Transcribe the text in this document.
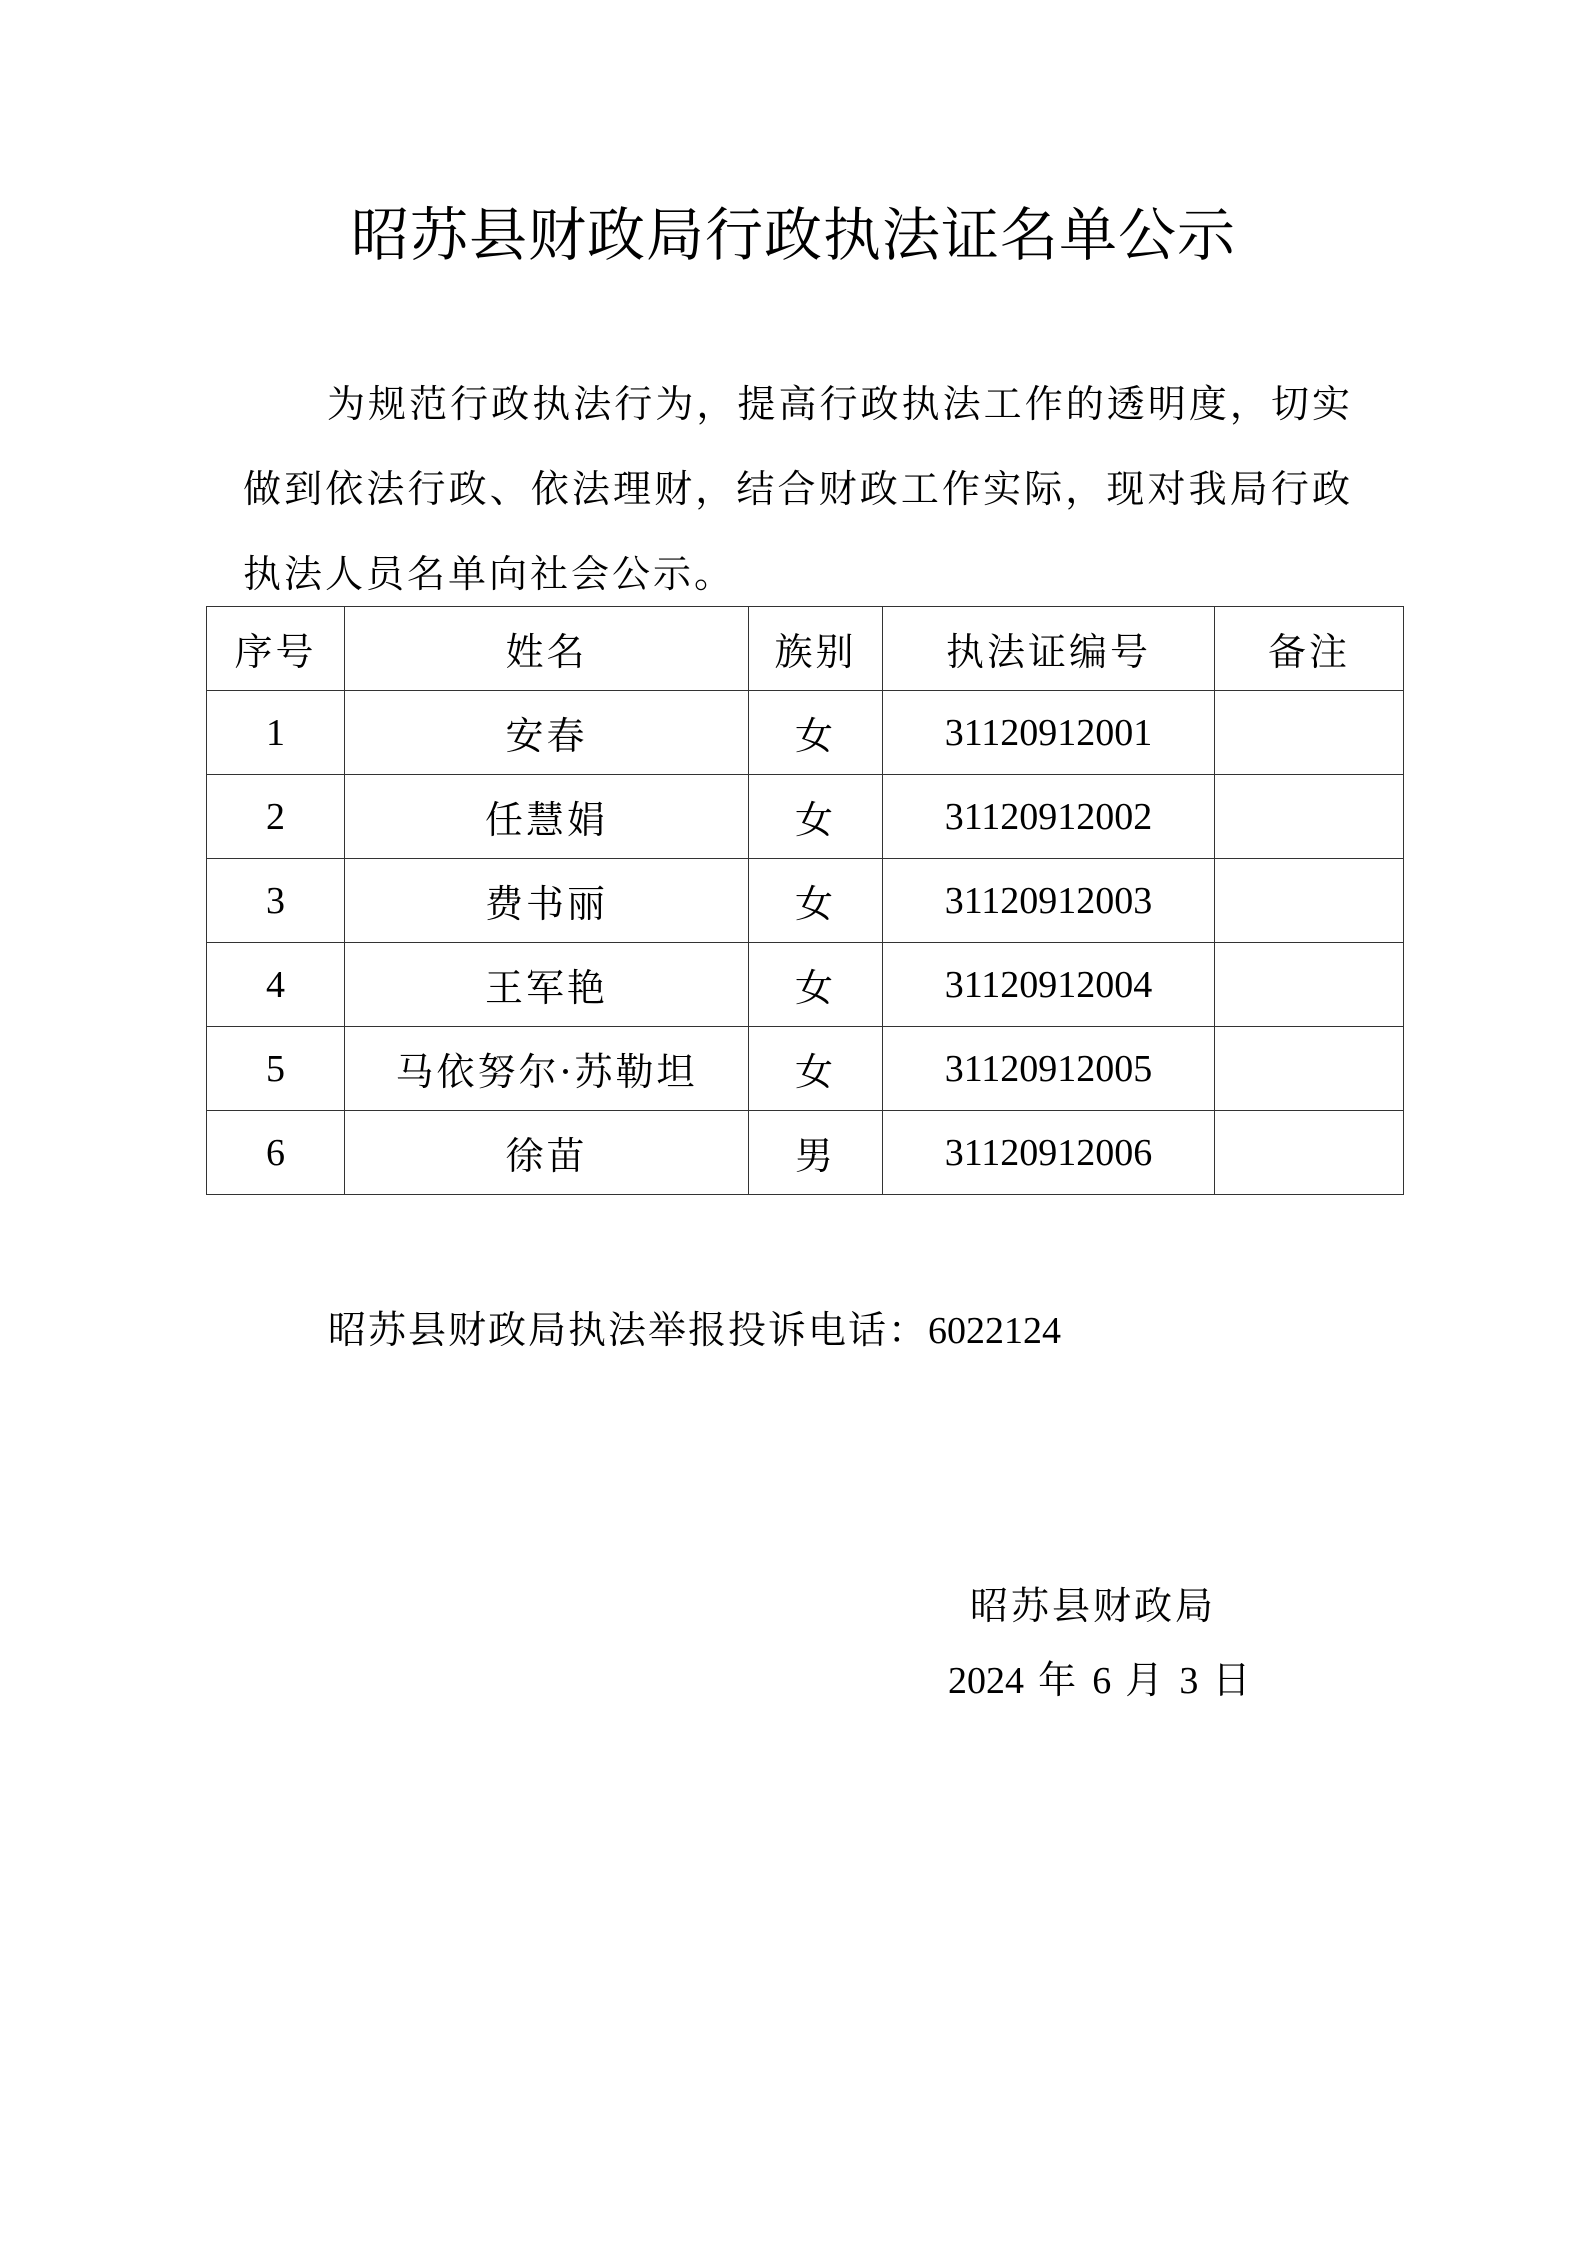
昭苏县财政局行政执法证名单公示

为规范行政执法行为，提高行政执法工作的透明度，切实做到依法行政、依法理财，结合财政工作实际，现对我局行政执法人员名单向社会公示。

序号	姓名	族别	执法证编号	备注
1	安春	女	31120912001	
2	任慧娟	女	31120912002	
3	费书丽	女	31120912003	
4	王军艳	女	31120912004	
5	马依努尔·苏勒坦	女	31120912005	
6	徐苗	男	31120912006	
昭苏县财政局执法举报投诉电话：6022124
昭苏县财政局
2024 年 6 月 3 日
